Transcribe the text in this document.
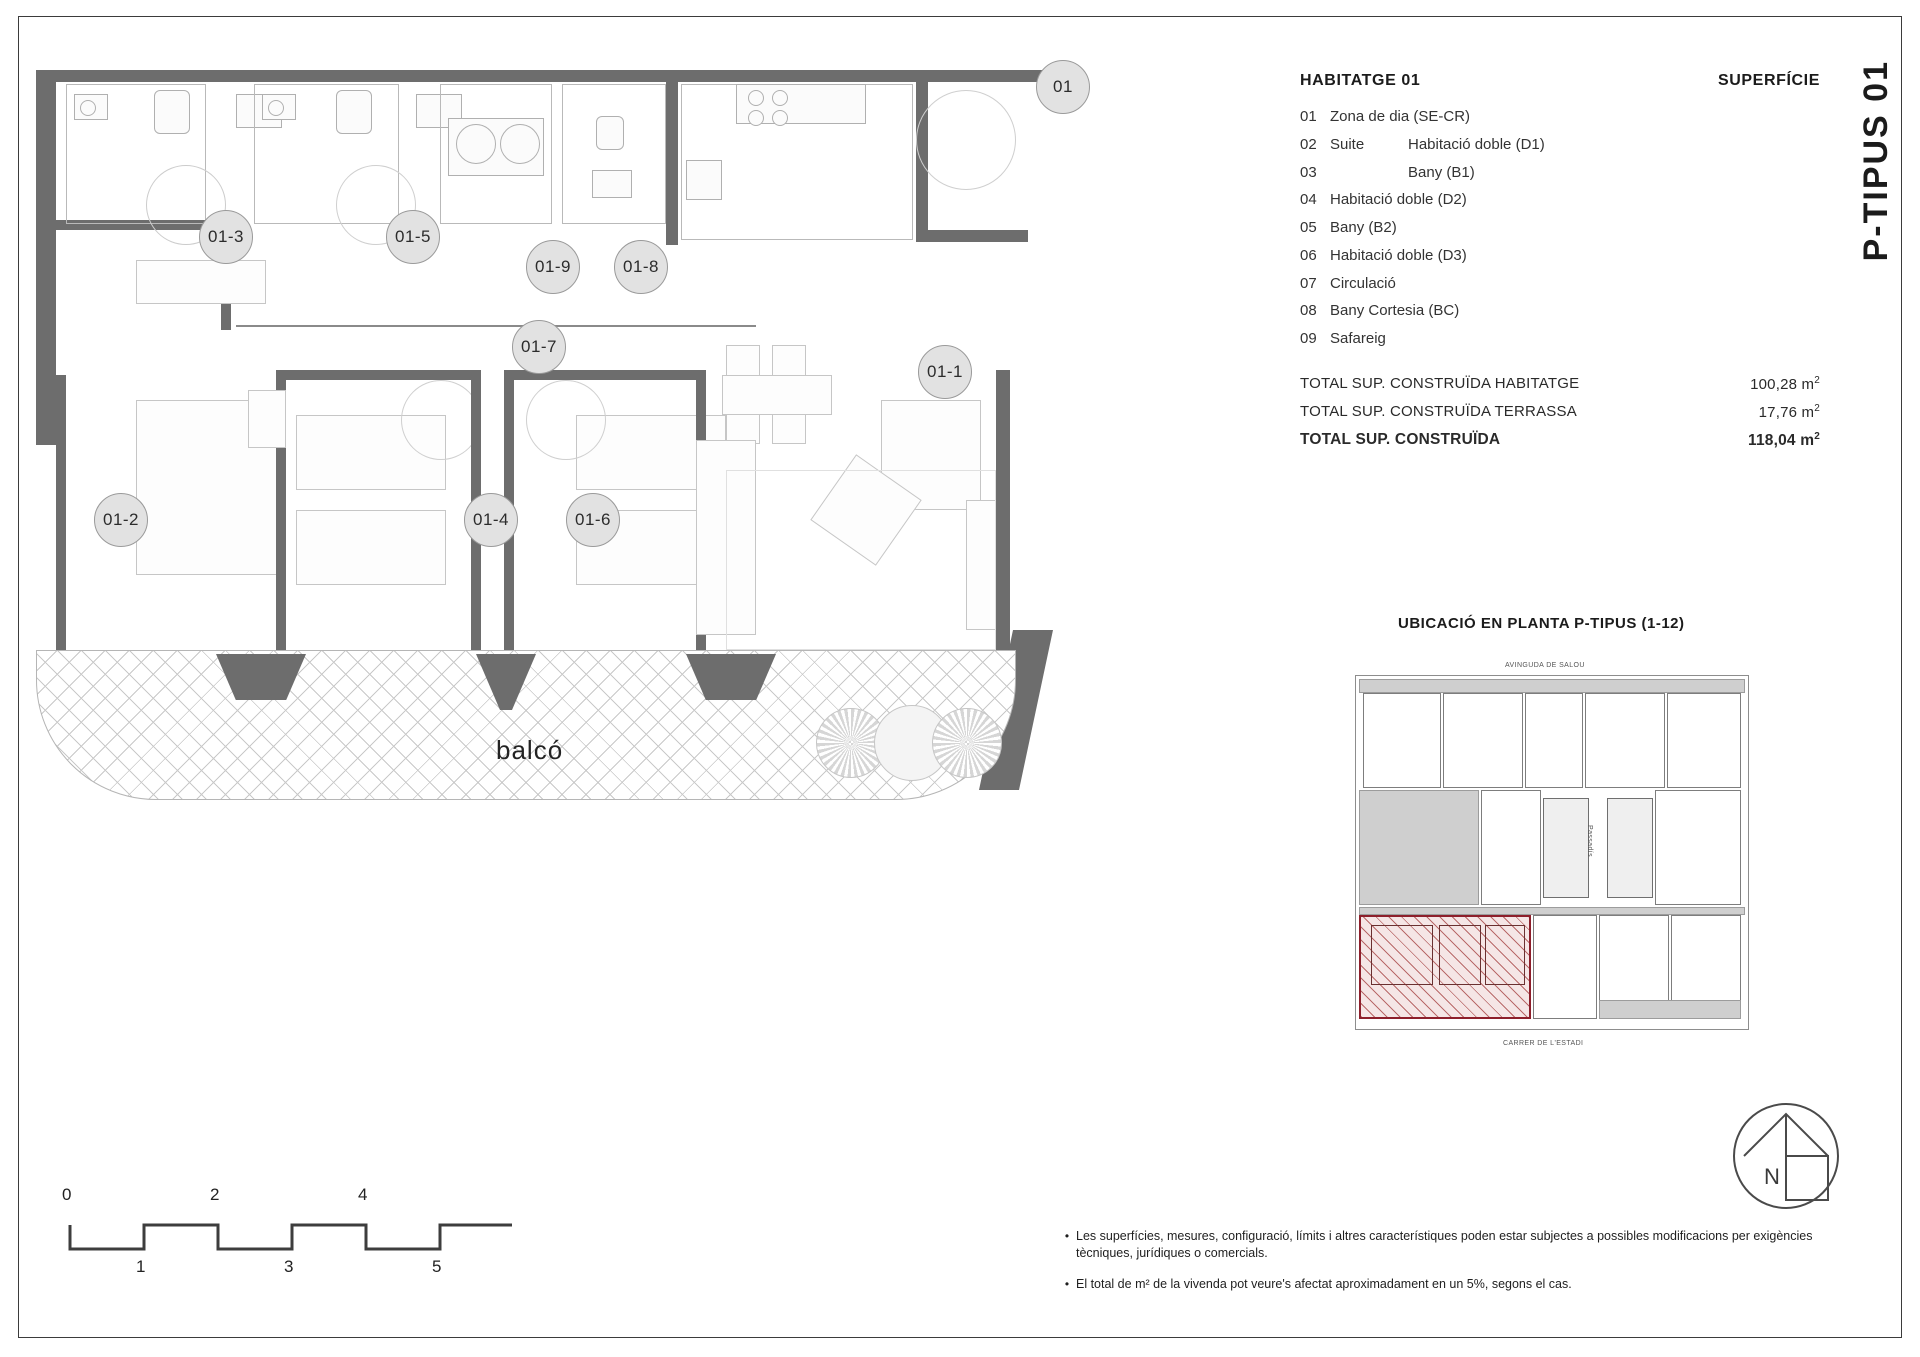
balcó
01
01-1
01-2
01-3
01-4
01-5
01-6
01-7
01-8
01-9
HABITATGE 01	SUPERFÍCIE
01 Zona de dia (SE-CR)
02 Suite	Habitació doble (D1)
03	Bany (B1)
04 Habitació doble (D2)
05 Bany (B2)
06 Habitació doble (D3)
07 Circulació
08 Bany Cortesia (BC)
09 Safareig
TOTAL SUP. CONSTRUÏDA HABITATGE	100,28 $m^2$
TOTAL SUP. CONSTRUÏDA TERRASSA	17,76 $m^2$
TOTAL SUP. CONSTRUÏDA	118,04 $m^2$
P-TIPUS 01
UBICACIÓ EN PLANTA P-TIPUS (1-12)
AVINGUDA DE SALOU
Passadís
CARRER DE L'ESTADI
N
0	2	4
1	3	5
• Les superfícies, mesures, configuració, límits i altres característiques poden estar subjectes a possibles modificacions per exigències tècniques, jurídiques o comercials.
• El total de m² de la vivenda pot veure's afectat aproximadament en un 5%, segons el cas.
